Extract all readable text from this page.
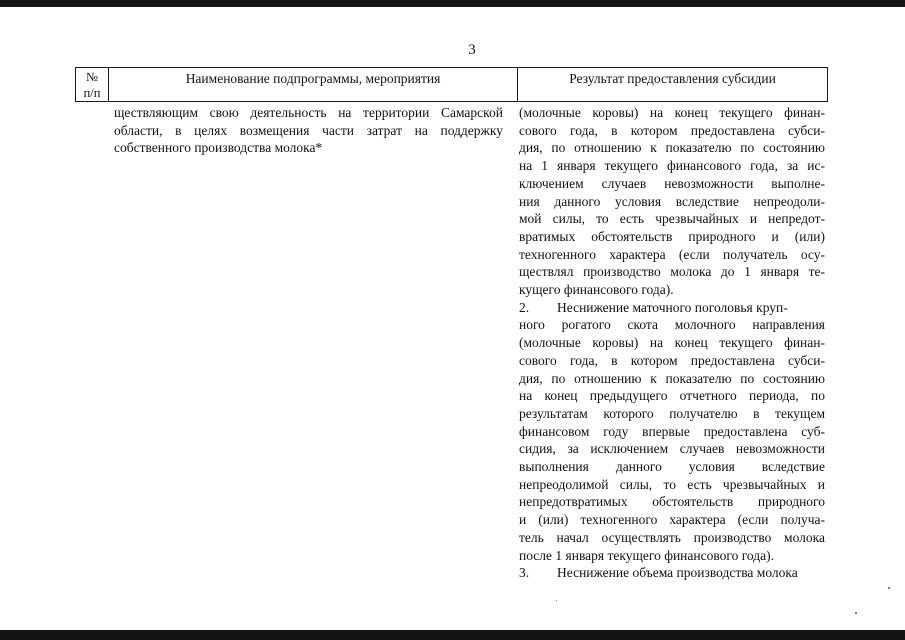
3
№
п/п
Наименование подпрограммы, мероприятия	Результат предоставления субсидии
ществляющим свою деятельность на территории Самарской
области, в целях возмещения части затрат на поддержку
собственного производства молока*
(молочные коровы) на конец текущего финан-
сового года, в котором предоставлена субси-
дия, по отношению к показателю по состоянию
на 1 января текущего финансового года, за ис-
ключением случаев невозможности выполне-
ния данного условия вследствие непреодоли-
мой силы, то есть чрезвычайных и непредот-
вратимых обстоятельств природного и (или)
техногенного характера (если получатель осу-
ществлял производство молока до 1 января те-
кущего финансового года).
2. Неснижение маточного поголовья круп-
ного рогатого скота молочного направления
(молочные коровы) на конец текущего финан-
сового года, в котором предоставлена субси-
дия, по отношению к показателю по состоянию
на конец предыдущего отчетного периода, по
результатам которого получателю в текущем
финансовом году впервые предоставлена суб-
сидия, за исключением случаев невозможности
выполнения данного условия вследствие
непреодолимой силы, то есть чрезвычайных и
непредотвратимых обстоятельств природного
и (или) техногенного характера (если получа-
тель начал осуществлять производство молока
после 1 января текущего финансового года).
3. Неснижение объема производства молока
